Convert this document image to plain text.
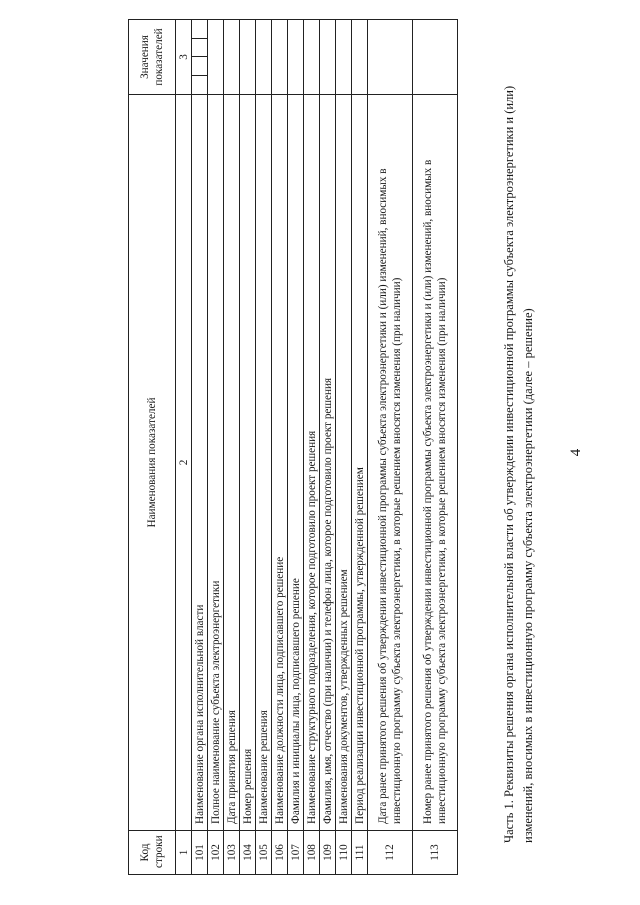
4

Часть 1. Реквизиты решения органа исполнительной власти об утверждении инвестиционной программы субъекта электроэнергетики и (или) изменений, вносимых в инвестиционную программу субъекта электроэнергетики (далее – решение)

Код строки	Наименования показателей	Значения показателей
1	2	3
101	Наименование органа исполнительной власти	

102	Полное наименование субъекта электроэнергетики	
103	Дата принятия решения	
104	Номер решения	
105	Наименование решения	
106	Наименование должности лица, подписавшего решение	
107	Фамилия и инициалы лица, подписавшего решение	
108	Наименование структурного подразделения, которое подготовило проект решения	
109	Фамилия, имя, отчество (при наличии) и телефон лица, которое подготовило проект решения	
110	Наименования документов, утвержденных решением	
111	Период реализации инвестиционной программы, утвержденной решением	
112	Дата ранее принятого решения об утверждении инвестиционной программы субъекта электроэнергетики и (или) изменений, вносимых в инвестиционную программу субъекта электроэнергетики, в которые решением вносятся изменения (при наличии)	
113	Номер ранее принятого решения об утверждении инвестиционной программы субъекта электроэнергетики и (или) изменений, вносимых в инвестиционную программу субъекта электроэнергетики, в которые решением вносятся изменения (при наличии)	
